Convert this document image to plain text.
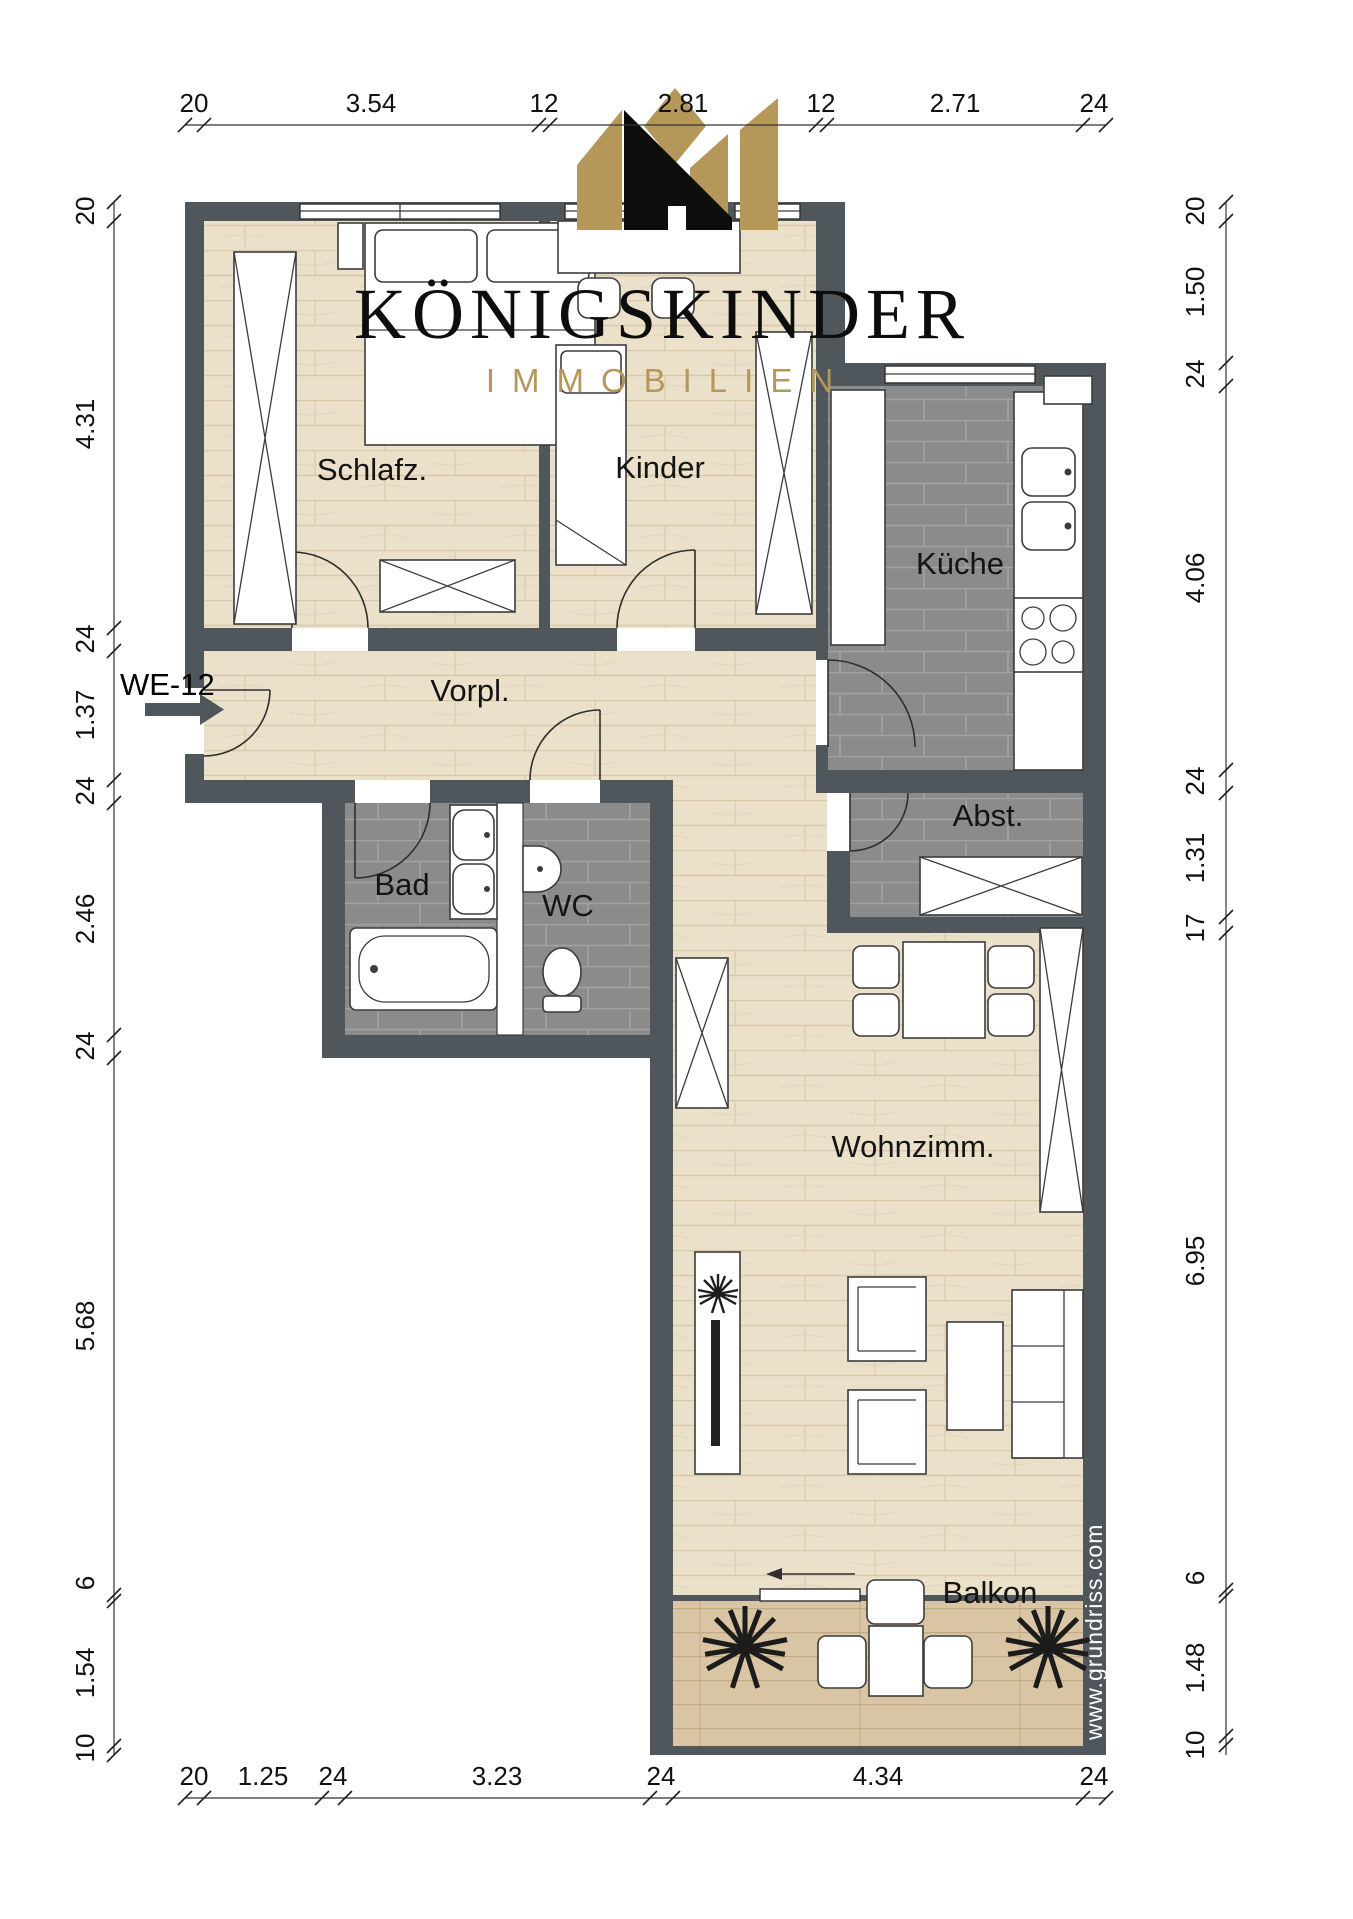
Schlafz.	Kinder
Küche
Vorpl.
Bad
WC
Abst.
Wohnzimm.
Balkon
WE-12
www.grundriss.com
KÖNIGSKINDER
IMMOBILIEN
20	3.54	12	2.81	12	2.71	24
20 1.25 24	3.23	24	4.34	24
20
4.31
24
1.37
24
2.46
24
5.68
6
1.54
10
20
1.50
24
4.06
24
1.31
17
6.95
6
1.48
10
